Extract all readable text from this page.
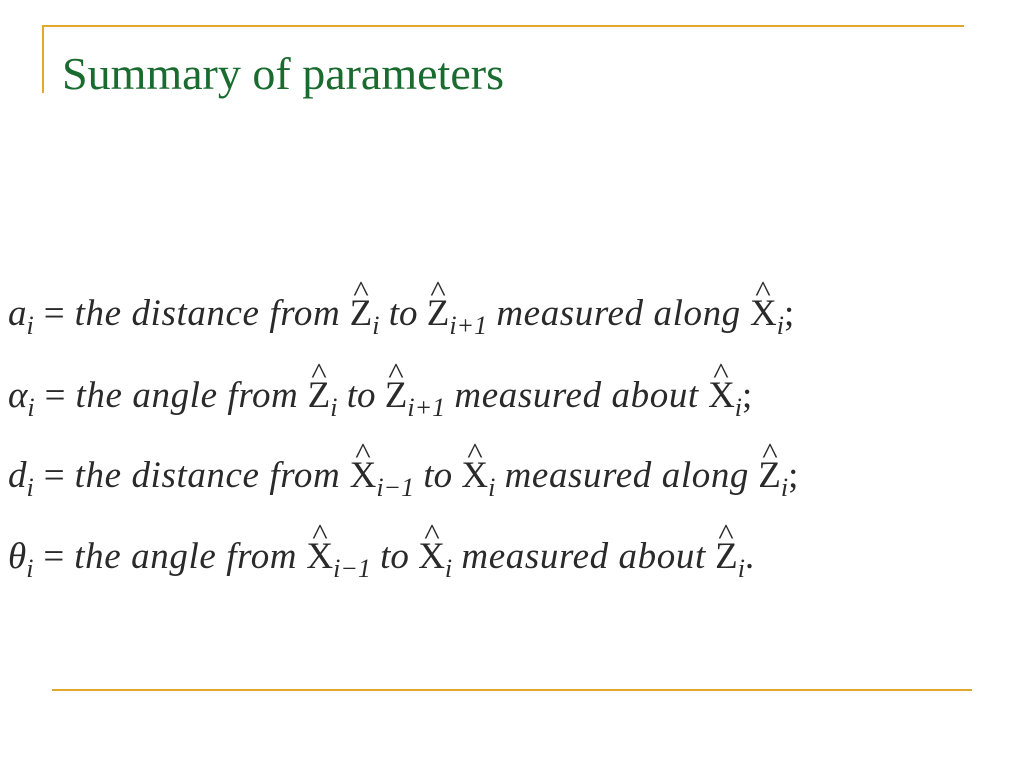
Summary of parameters
$a_i$ = the distance from ^ $Z_i$ to ^ $Z_{i+1}$ measured along ^ $X_i$;
$\alpha_i$ = the angle from ^ $Z_i$ to ^ $Z_{i+1}$ measured about ^ $X_i$;
$d_i$ = the distance from ^ $X_{i-1}$ to ^ $X_i$ measured along ^ $Z_i$;
$\theta_i$ = the angle from ^ $X_{i-1}$ to ^ $X_i$ measured about ^ $Z_i$.
